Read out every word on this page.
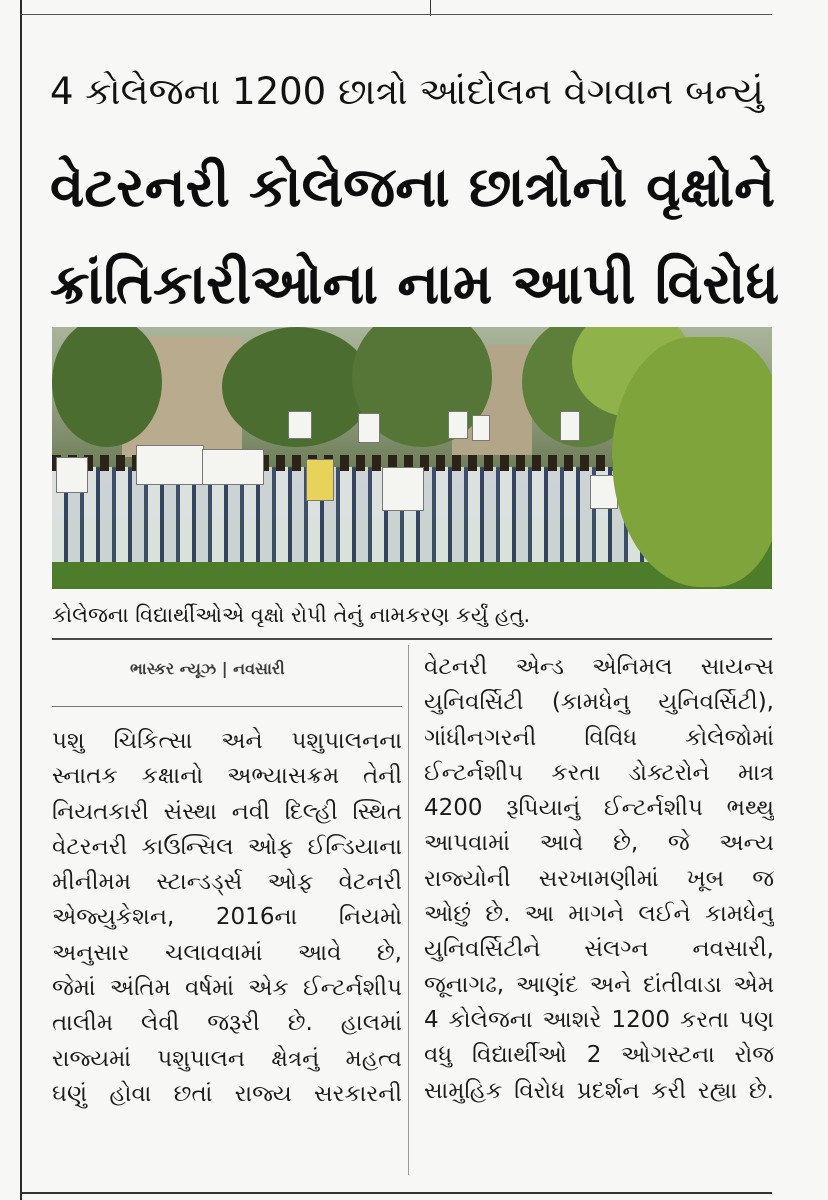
4 કોલેજના 1200 છાત્રો આંદોલન વેગવાન બન્યું
વેટરનરી કોલેજના છાત્રોનો વૃક્ષોને
ક્રાંતિકારીઓના નામ આપી વિરોધ
કોલેજના વિદ્યાર્થીઓએ વૃક્ષો રોપી તેનું નામકરણ કર્યું હતુ.
ભાસ્કર ન્યૂઝ | નવસારી
પશુ ચિકિત્સા અને પશુપાલનના
સ્નાતક કક્ષાનો અભ્યાસક્રમ તેની
નિયતકારી સંસ્થા નવી દિલ્હી સ્થિત
વેટરનરી કાઉન્સિલ ઓફ ઈન્ડિયાના
મીનીમમ સ્ટાન્ડર્ડ્સ ઓફ વેટનરી
એજ્યુકેશન, 2016ના નિયમો
અનુસાર ચલાવવામાં આવે છે,
જેમાં અંતિમ વર્ષમાં એક ઈન્ટર્નશીપ
તાલીમ લેવી જરૂરી છે. હાલમાં
રાજ્યમાં પશુપાલન ક્ષેત્રનું મહત્વ
ઘણું હોવા છતાં રાજ્ય સરકારની
વેટનરી એન્ડ એનિમલ સાયન્સ
યુનિવર્સિટી (કામધેનુ યુનિવર્સિટી),
ગાંધીનગરની વિવિધ કોલેજોમાં
ઈન્ટર્નશીપ કરતા ડોક્ટરોને માત્ર
4200 રૂપિયાનું ઈન્ટર્નશીપ ભથ્થુ
આપવામાં આવે છે, જે અન્ય
રાજ્યોની સરખામણીમાં ખૂબ જ
ઓછું છે. આ માગને લઈને કામધેનુ
યુનિવર્સિટીને સંલગ્ન નવસારી,
જૂનાગઢ, આણંદ અને દાંતીવાડા એમ
4 કોલેજના આશરે 1200 કરતા પણ
વધુ વિદ્યાર્થીઓ 2 ઓગસ્ટના રોજ
સામુહિક વિરોધ પ્રદર્શન કરી રહ્યા છે.
